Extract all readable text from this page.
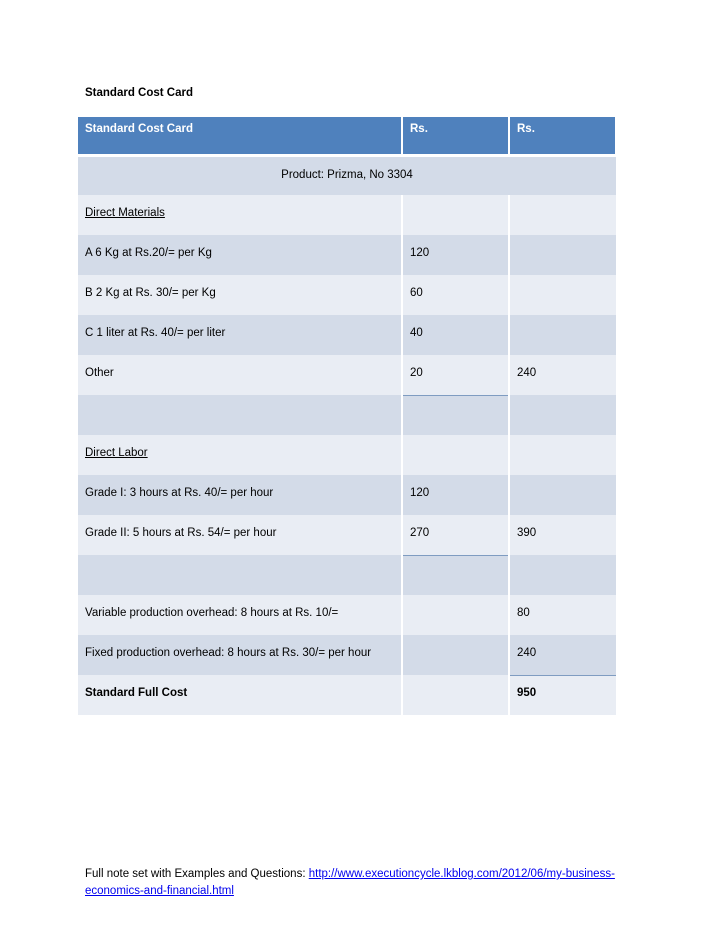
Standard Cost Card
Standard Cost Card	Rs.	Rs.
Product: Prizma, No 3304		
Direct Materials		
A 6 Kg at Rs.20/= per Kg	120	
B 2 Kg at Rs. 30/= per Kg	60	
C 1 liter at Rs. 40/= per liter	40	
Other	20	240

Direct Labor		
Grade I: 3 hours at Rs. 40/= per hour	120	
Grade II: 5 hours at Rs. 54/= per hour	270	390

Variable production overhead: 8 hours at Rs. 10/=		80
Fixed production overhead: 8 hours at Rs. 30/= per hour		240
Standard Full Cost		950
Full note set with Examples and Questions: http://www.executioncycle.lkblog.com/2012/06/my-business-economics-and-financial.html
